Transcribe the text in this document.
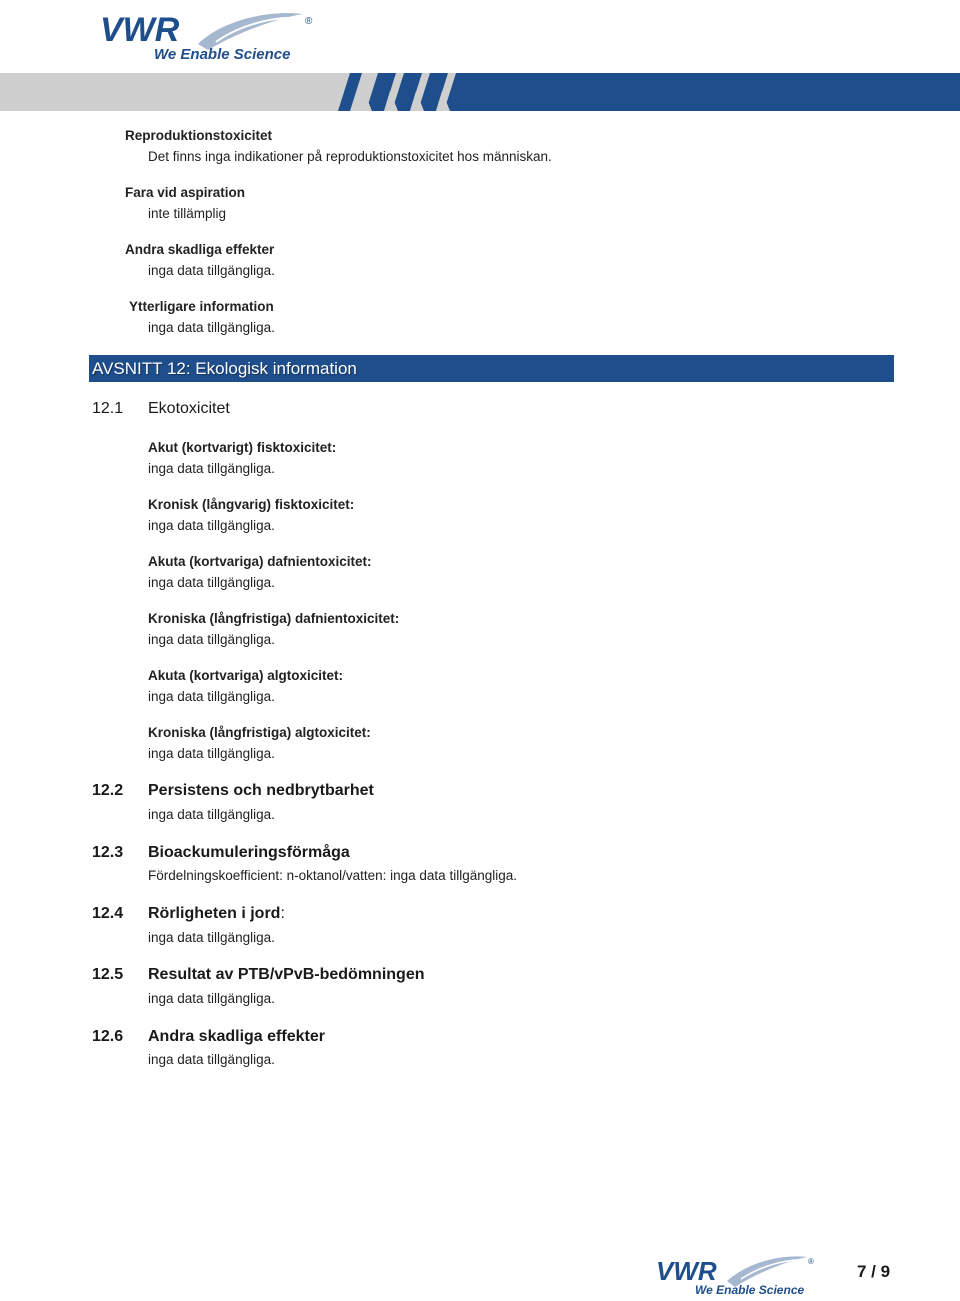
VWR	®
We Enable Science
Reproduktionstoxicitet
Det finns inga indikationer på reproduktionstoxicitet hos människan.
Fara vid aspiration
inte tillämplig
Andra skadliga effekter
inga data tillgängliga.
Ytterligare information
inga data tillgängliga.
AVSNITT 12: Ekologisk information
12.1 Ekotoxicitet
Akut (kortvarigt) fisktoxicitet:
inga data tillgängliga.
Kronisk (långvarig) fisktoxicitet:
inga data tillgängliga.
Akuta (kortvariga) dafnientoxicitet:
inga data tillgängliga.
Kroniska (långfristiga) dafnientoxicitet:
inga data tillgängliga.
Akuta (kortvariga) algtoxicitet:
inga data tillgängliga.
Kroniska (långfristiga) algtoxicitet:
inga data tillgängliga.
12.2 Persistens och nedbrytbarhet
inga data tillgängliga.
12.3 Bioackumuleringsförmåga
Fördelningskoefficient: n-oktanol/vatten: inga data tillgängliga.
12.4 Rörligheten i jord:
inga data tillgängliga.
12.5 Resultat av PTB/vPvB-bedömningen
inga data tillgängliga.
12.6 Andra skadliga effekter
inga data tillgängliga.
VWR	®
We Enable Science
7 / 9
